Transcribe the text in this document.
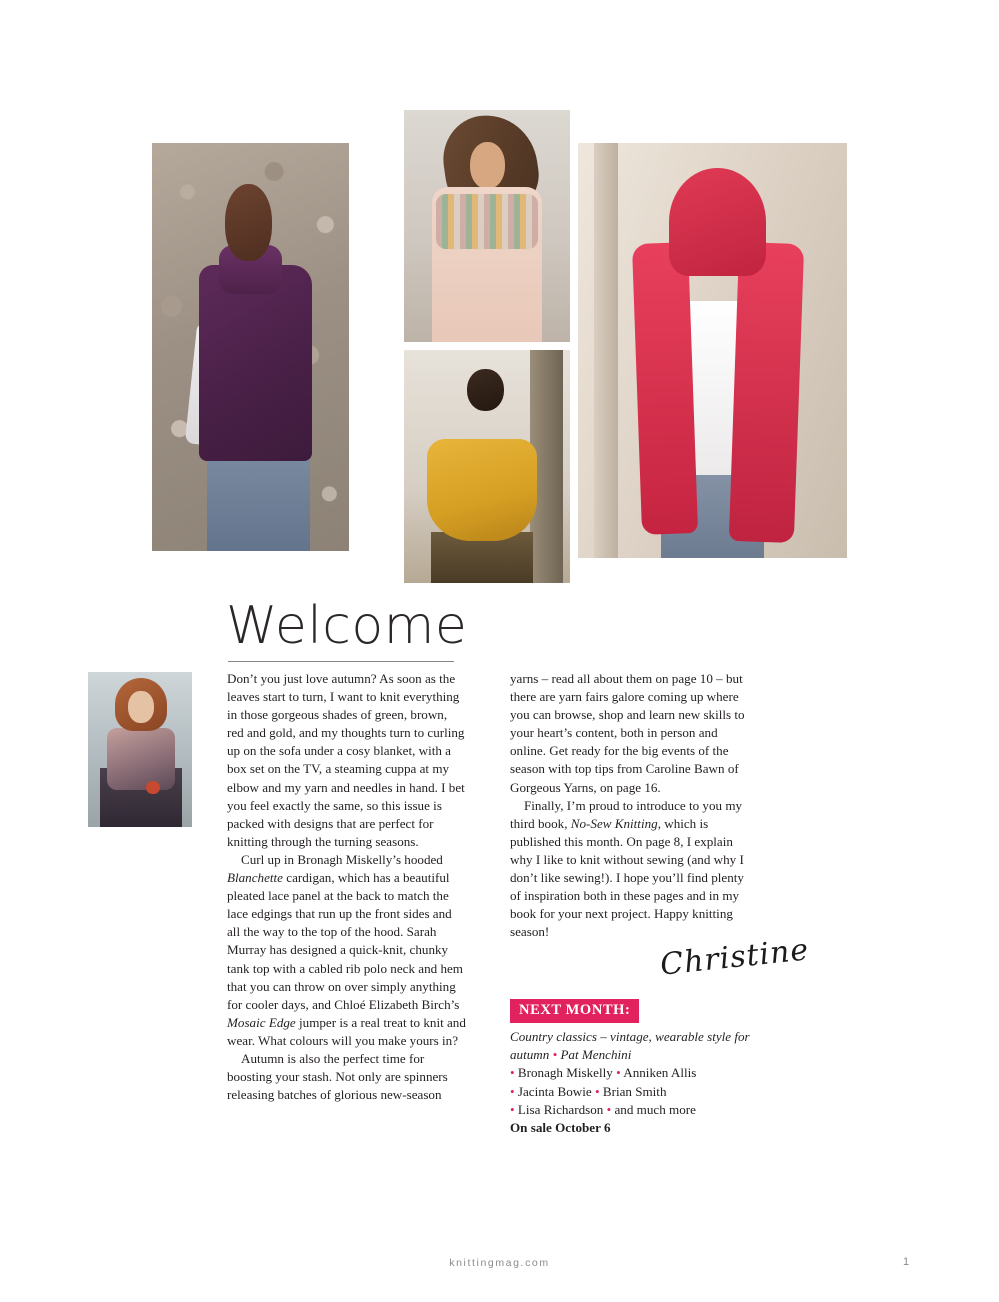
Welcome

Don’t you just love autumn? As soon as the leaves start to turn, I want to knit everything in those gorgeous shades of green, brown, red and gold, and my thoughts turn to curling up on the sofa under a cosy blanket, with a box set on the TV, a steaming cuppa at my elbow and my yarn and needles in hand. I bet you feel exactly the same, so this issue is packed with designs that are perfect for knitting through the turning seasons.

Curl up in Bronagh Miskelly’s hooded Blanchette cardigan, which has a beautiful pleated lace panel at the back to match the lace edgings that run up the front sides and all the way to the top of the hood. Sarah Murray has designed a quick-knit, chunky tank top with a cabled rib polo neck and hem that you can throw on over simply anything for cooler days, and Chloé Elizabeth Birch’s Mosaic Edge jumper is a real treat to knit and wear. What colours will you make yours in?

Autumn is also the perfect time for boosting your stash. Not only are spinners releasing batches of glorious new-season

yarns – read all about them on page 10 – but there are yarn fairs galore coming up where you can browse, shop and learn new skills to your heart’s content, both in person and online. Get ready for the big events of the season with top tips from Caroline Bawn of Gorgeous Yarns, on page 16.

Finally, I’m proud to introduce to you my third book, No-Sew Knitting, which is published this month. On page 8, I explain why I like to knit without sewing (and why I don’t like sewing!). I hope you’ll find plenty of inspiration both in these pages and in my book for your next project. Happy knitting season!

Christine
NEXT MONTH:
Country classics – vintage, wearable style for autumn • Pat Menchini
• Bronagh Miskelly • Anniken Allis
• Jacinta Bowie • Brian Smith
• Lisa Richardson • and much more
On sale October 6
knittingmag.com	1
